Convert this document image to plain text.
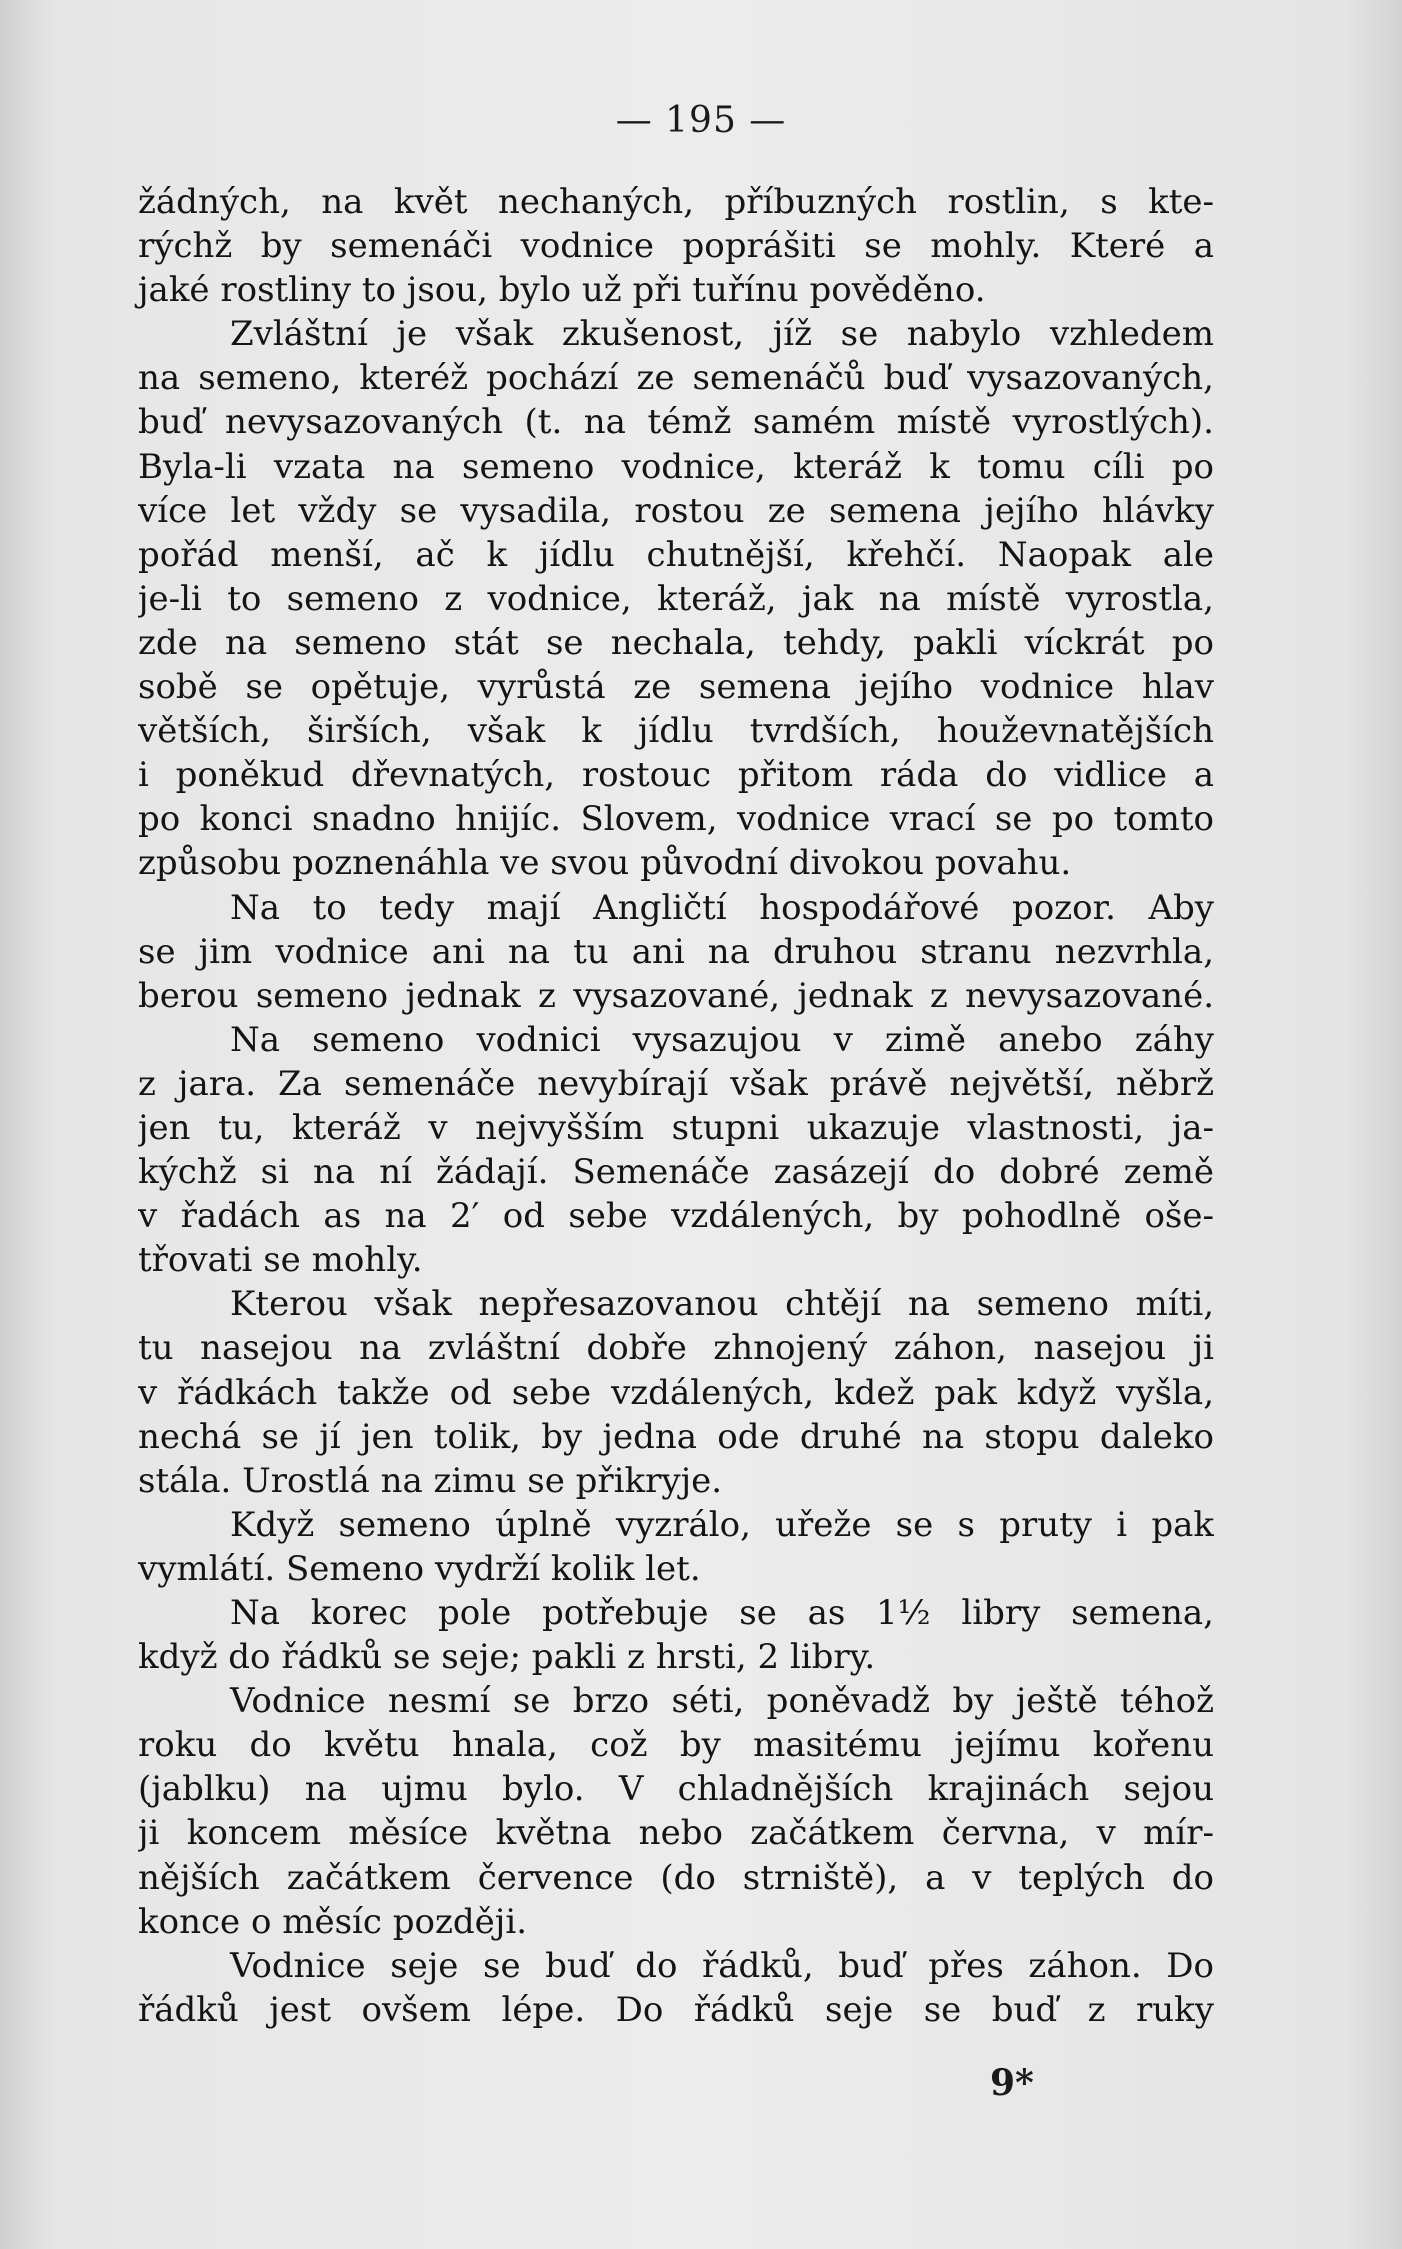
— 195 —
žádných, na květ nechaných, příbuzných rostlin, s kte-
rýchž by semenáči vodnice poprášiti se mohly. Které a
jaké rostliny to jsou, bylo už při tuřínu pověděno.
Zvláštní je však zkušenost, jíž se nabylo vzhledem
na semeno, kteréž pochází ze semenáčů buď vysazovaných,
buď nevysazovaných (t. na témž samém místě vyrostlých).
Byla-li vzata na semeno vodnice, kteráž k tomu cíli po
více let vždy se vysadila, rostou ze semena jejího hlávky
pořád menší, ač k jídlu chutnější, křehčí. Naopak ale
je-li to semeno z vodnice, kteráž, jak na místě vyrostla,
zde na semeno stát se nechala, tehdy, pakli víckrát po
sobě se opětuje, vyrůstá ze semena jejího vodnice hlav
větších, širších, však k jídlu tvrdších, houževnatějších
i poněkud dřevnatých, rostouc přitom ráda do vidlice a
po konci snadno hnijíc. Slovem, vodnice vrací se po tomto
způsobu poznenáhla ve svou původní divokou povahu.
Na to tedy mají Angličtí hospodářové pozor. Aby
se jim vodnice ani na tu ani na druhou stranu nezvrhla,
berou semeno jednak z vysazované, jednak z nevysazované.
Na semeno vodnici vysazujou v zimě anebo záhy
z jara. Za semenáče nevybírají však právě největší, něbrž
jen tu, kteráž v nejvyšším stupni ukazuje vlastnosti, ja-
kýchž si na ní žádají. Semenáče zasázejí do dobré země
v řadách as na 2′ od sebe vzdálených, by pohodlně oše-
třovati se mohly.
Kterou však nepřesazovanou chtějí na semeno míti,
tu nasejou na zvláštní dobře zhnojený záhon, nasejou ji
v řádkách takže od sebe vzdálených, kdež pak když vyšla,
nechá se jí jen tolik, by jedna ode druhé na stopu daleko
stála. Urostlá na zimu se přikryje.
Když semeno úplně vyzrálo, uřeže se s pruty i pak
vymlátí. Semeno vydrží kolik let.
Na korec pole potřebuje se as 1½ libry semena,
když do řádků se seje; pakli z hrsti, 2 libry.
Vodnice nesmí se brzo séti, poněvadž by ještě téhož
roku do květu hnala, což by masitému jejímu kořenu
(jablku) na ujmu bylo. V chladnějších krajinách sejou
ji koncem měsíce května nebo začátkem června, v mír-
nějších začátkem července (do strniště), a v teplých do
konce o měsíc později.
Vodnice seje se buď do řádků, buď přes záhon. Do
řádků jest ovšem lépe. Do řádků seje se buď z ruky
9*
